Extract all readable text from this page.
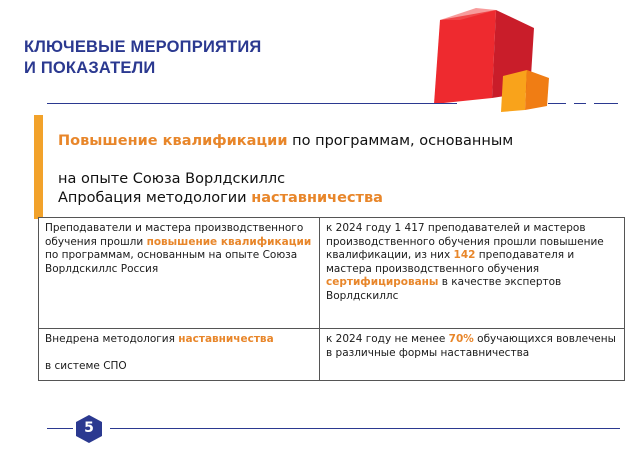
КЛЮЧЕВЫЕ МЕРОПРИЯТИЯ
И ПОКАЗАТЕЛИ

Повышение квалификации по программам, основанным

на опыте Союза Ворлдскиллс

Апробация методологии наставничества

Преподаватели и мастера производственного обучения прошли повышение квалификации по программам, основанным на опыте Союза Ворлдскиллс Россия	к 2024 году 1 417 преподавателей и мастеров производственного обучения прошли повышение квалификации, из них 142 преподавателя и мастера производственного обучения сертифицированы в качестве экспертов Ворлдскиллс
Внедрена методология наставничества

в системе СПО	к 2024 году не менее 70% обучающихся вовлечены в различные формы наставничества
5
